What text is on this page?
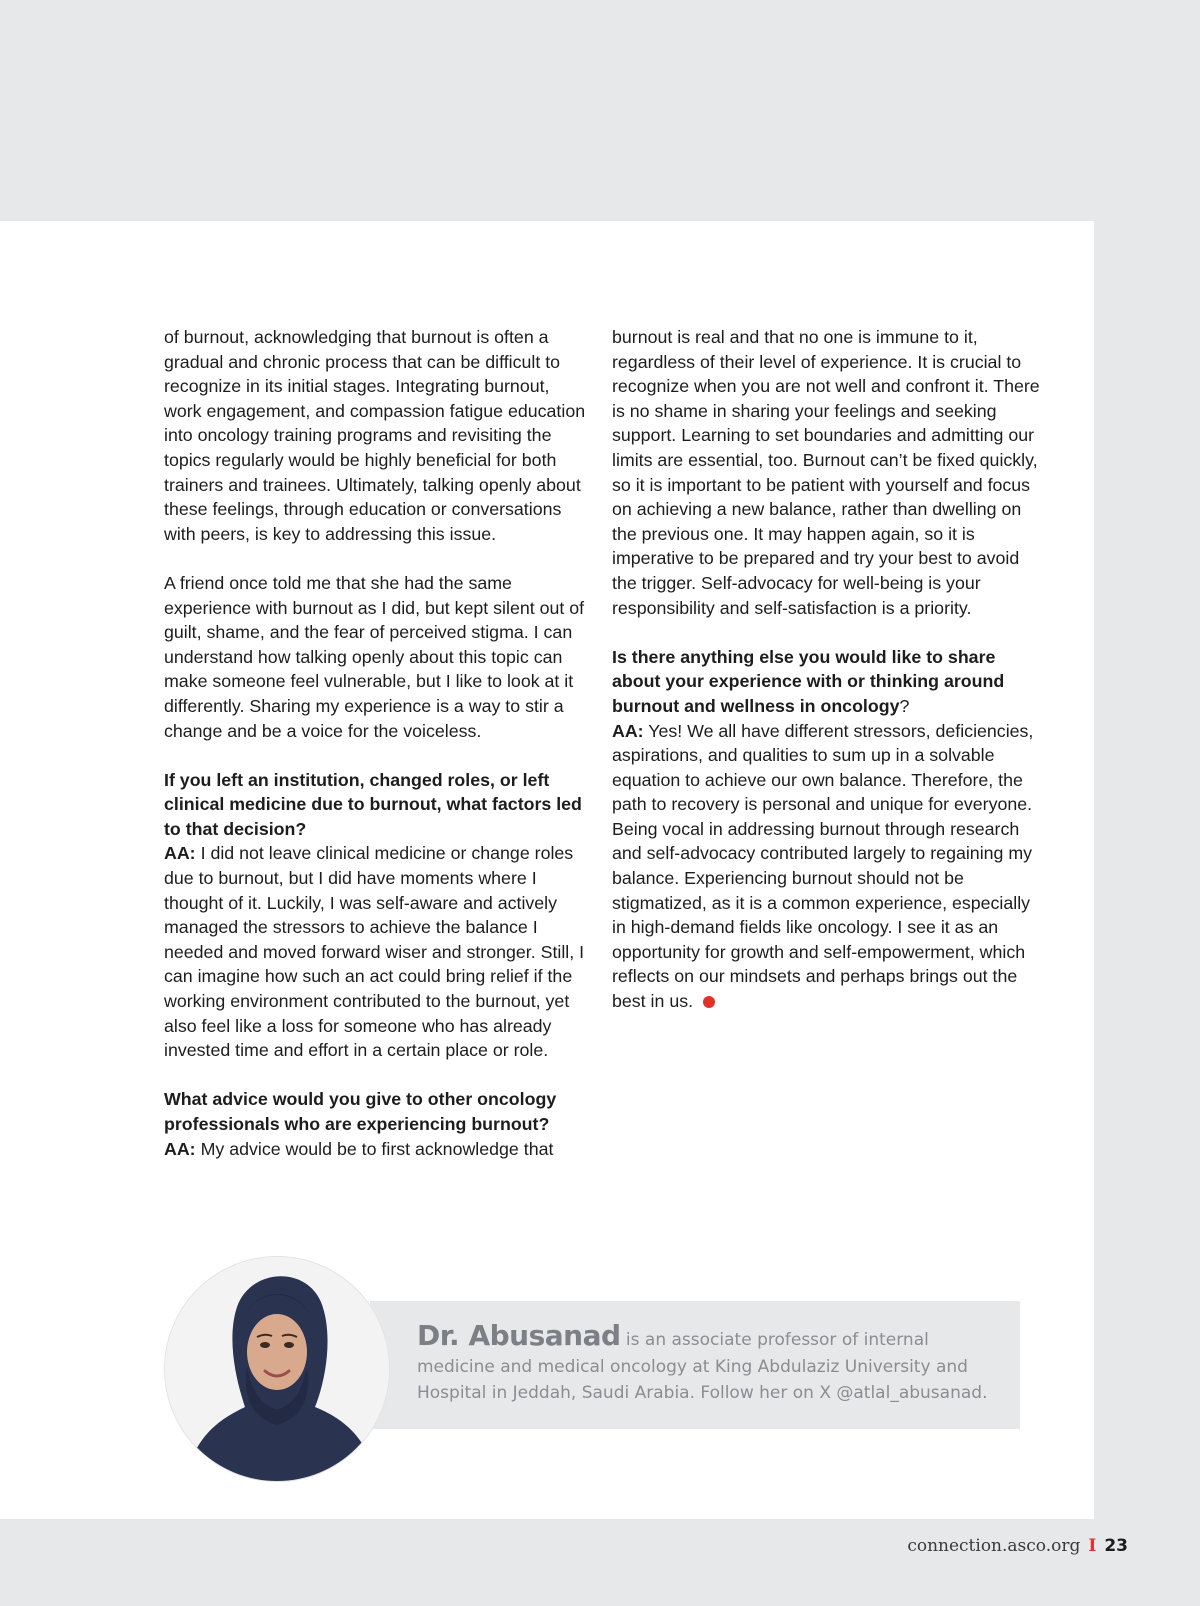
of burnout, acknowledging that burnout is often a gradual and chronic process that can be difficult to recognize in its initial stages. Integrating burnout, work engagement, and compassion fatigue education into oncology training programs and revisiting the topics regularly would be highly beneficial for both trainers and trainees. Ultimately, talking openly about these feelings, through education or conversations with peers, is key to addressing this issue.

A friend once told me that she had the same experience with burnout as I did, but kept silent out of guilt, shame, and the fear of perceived stigma. I can understand how talking openly about this topic can make someone feel vulnerable, but I like to look at it differently. Sharing my experience is a way to stir a change and be a voice for the voiceless.

If you left an institution, changed roles, or left clinical medicine due to burnout, what factors led to that decision?
AA: I did not leave clinical medicine or change roles due to burnout, but I did have moments where I thought of it. Luckily, I was self-aware and actively managed the stressors to achieve the balance I needed and moved forward wiser and stronger. Still, I can imagine how such an act could bring relief if the working environment contributed to the burnout, yet also feel like a loss for someone who has already invested time and effort in a certain place or role.

What advice would you give to other oncology professionals who are experiencing burnout?
AA: My advice would be to first acknowledge that

burnout is real and that no one is immune to it, regardless of their level of experience. It is crucial to recognize when you are not well and confront it. There is no shame in sharing your feelings and seeking support. Learning to set boundaries and admitting our limits are essential, too. Burnout can’t be fixed quickly, so it is important to be patient with yourself and focus on achieving a new balance, rather than dwelling on the previous one. It may happen again, so it is imperative to be prepared and try your best to avoid the trigger. Self-advocacy for well-being is your responsibility and self-satisfaction is a priority.

Is there anything else you would like to share about your experience with or thinking around burnout and wellness in oncology?
AA: Yes! We all have different stressors, deficiencies, aspirations, and qualities to sum up in a solvable equation to achieve our own balance. Therefore, the path to recovery is personal and unique for everyone. Being vocal in addressing burnout through research and self-advocacy contributed largely to regaining my balance. Experiencing burnout should not be stigmatized, as it is a common experience, especially in high-demand fields like oncology. I see it as an opportunity for growth and self-empowerment, which reflects on our mindsets and perhaps brings out the best in us.

Dr. Abusanad is an associate professor of internal medicine and medical oncology at King Abdulaziz University and Hospital in Jeddah, Saudi Arabia. Follow her on X @atlal_abusanad.
connection.asco.org I 23
